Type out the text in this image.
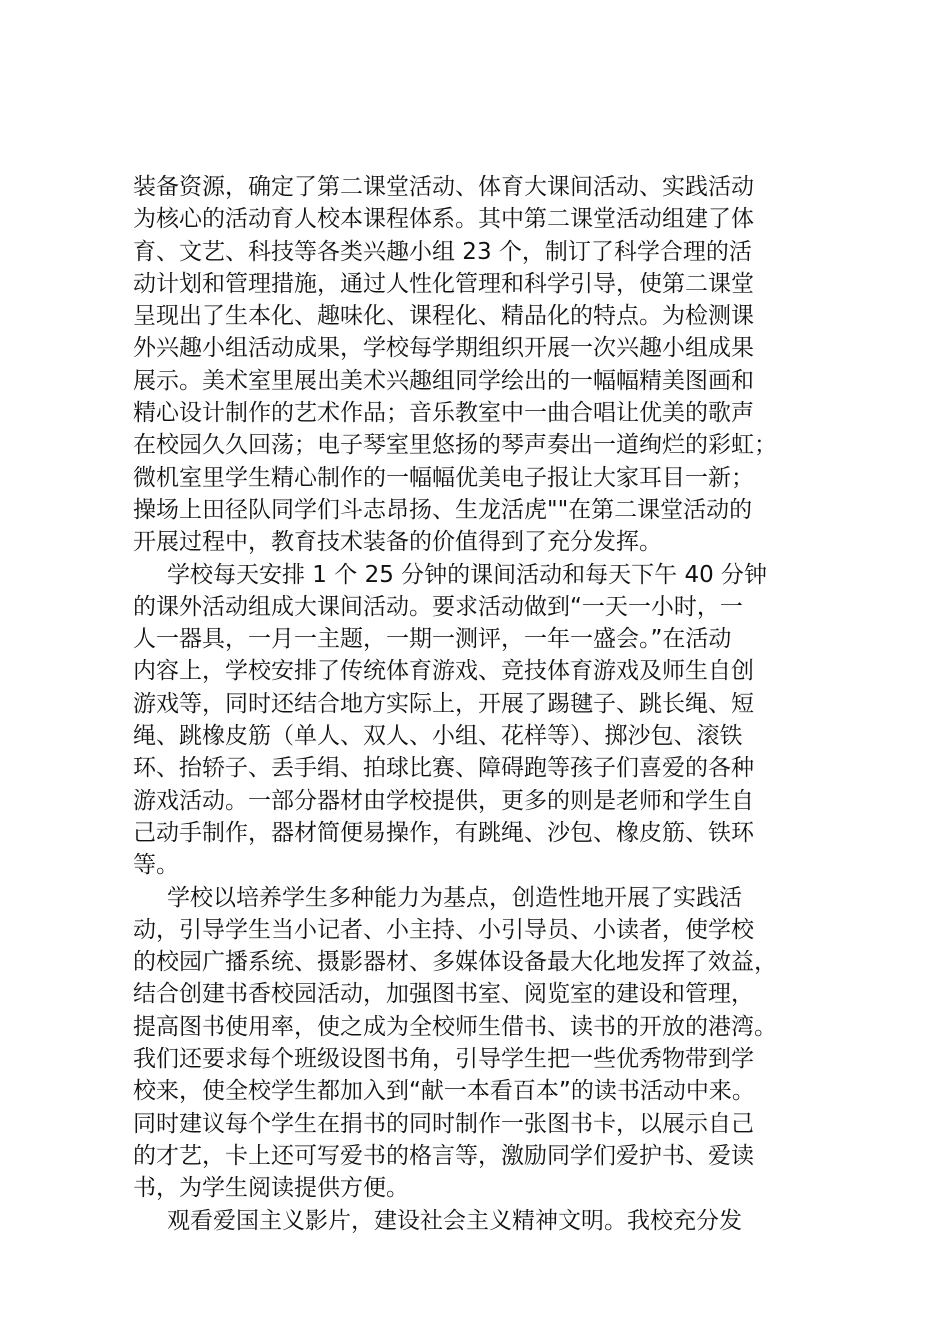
装备资源，确定了第二课堂活动、体育大课间活动、实践活动
为核心的活动育人校本课程体系。其中第二课堂活动组建了体
育、文艺、科技等各类兴趣小组 23 个，制订了科学合理的活
动计划和管理措施，通过人性化管理和科学引导，使第二课堂
呈现出了生本化、趣味化、课程化、精品化的特点。为检测课
外兴趣小组活动成果，学校每学期组织开展一次兴趣小组成果
展示。美术室里展出美术兴趣组同学绘出的一幅幅精美图画和
精心设计制作的艺术作品；音乐教室中一曲合唱让优美的歌声
在校园久久回荡；电子琴室里悠扬的琴声奏出一道绚烂的彩虹；
微机室里学生精心制作的一幅幅优美电子报让大家耳目一新；
操场上田径队同学们斗志昂扬、生龙活虎""在第二课堂活动的
开展过程中，教育技术装备的价值得到了充分发挥。
学校每天安排 1 个 25 分钟的课间活动和每天下午 40 分钟
的课外活动组成大课间活动。要求活动做到“一天一小时，一
人一器具，一月一主题，一期一测评，一年一盛会。”在活动
内容上，学校安排了传统体育游戏、竞技体育游戏及师生自创
游戏等，同时还结合地方实际上，开展了踢毽子、跳长绳、短
绳、跳橡皮筋（单人、双人、小组、花样等）、掷沙包、滚铁
环、抬轿子、丢手绢、拍球比赛、障碍跑等孩子们喜爱的各种
游戏活动。一部分器材由学校提供，更多的则是老师和学生自
己动手制作，器材简便易操作，有跳绳、沙包、橡皮筋、铁环
等。
学校以培养学生多种能力为基点，创造性地开展了实践活
动，引导学生当小记者、小主持、小引导员、小读者，使学校
的校园广播系统、摄影器材、多媒体设备最大化地发挥了效益，
结合创建书香校园活动，加强图书室、阅览室的建设和管理，
提高图书使用率，使之成为全校师生借书、读书的开放的港湾。
我们还要求每个班级设图书角，引导学生把一些优秀物带到学
校来，使全校学生都加入到“献一本看百本”的读书活动中来。
同时建议每个学生在捐书的同时制作一张图书卡，以展示自己
的才艺，卡上还可写爱书的格言等，激励同学们爱护书、爱读
书，为学生阅读提供方便。
观看爱国主义影片，建设社会主义精神文明。我校充分发
